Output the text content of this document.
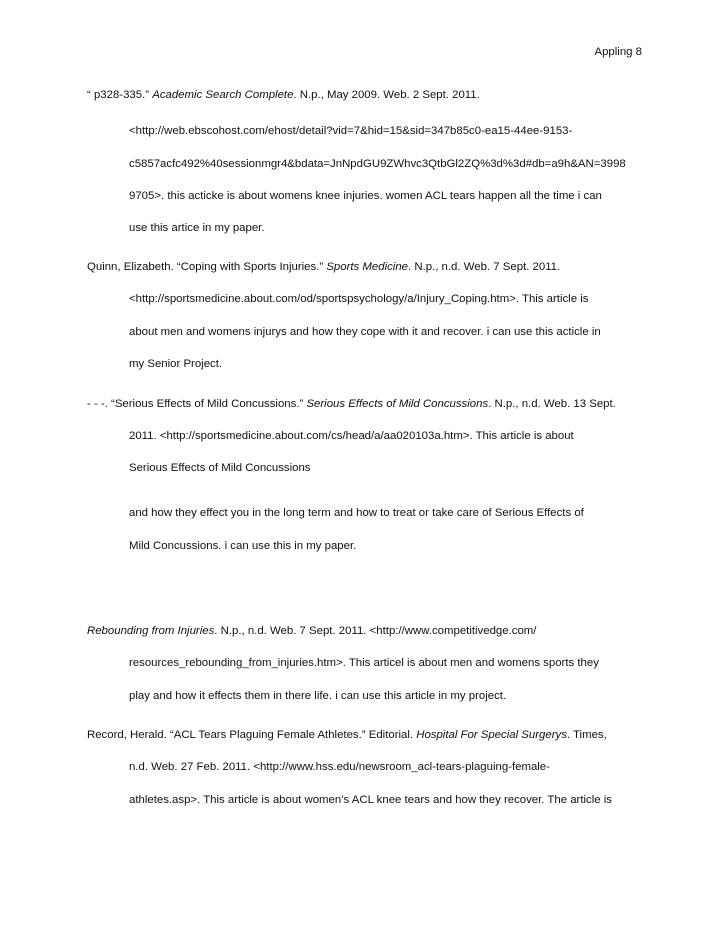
Appling 8
“ p328-335.” Academic Search Complete. N.p., May 2009. Web. 2 Sept. 2011.
<http://web.ebscohost.com/ehost/detail?vid=7&hid=15&sid=347b85c0-ea15-44ee-9153-
c5857acfc492%40sessionmgr4&bdata=JnNpdGU9ZWhvc3QtbGl2ZQ%3d%3d#db=a9h&AN=3998
9705>. this acticke is about womens knee injuries. women ACL tears happen all the time i can
use this artice in my paper.
Quinn, Elizabeth. “Coping with Sports Injuries.” Sports Medicine. N.p., n.d. Web. 7 Sept. 2011.
<http://sportsmedicine.about.com/od/sportspsychology/a/Injury_Coping.htm>. This article is
about men and womens injurys and how they cope with it and recover. i can use this acticle in
my Senior Project.
- - -. “Serious Effects of Mild Concussions.” Serious Effects of Mild Concussions. N.p., n.d. Web. 13 Sept.
2011. <http://sportsmedicine.about.com/cs/head/a/aa020103a.htm>. This article is about
Serious Effects of Mild Concussions
and how they effect you in the long term and how to treat or take care of Serious Effects of
Mild Concussions. i can use this in my paper.
Rebounding from Injuries. N.p., n.d. Web. 7 Sept. 2011. <http://www.competitivedge.com/
resources_rebounding_from_injuries.htm>. This articel is about men and womens sports they
play and how it effects them in there life. i can use this article in my project.
Record, Herald. “ACL Tears Plaguing Female Athletes.” Editorial. Hospital For Special Surgerys. Times,
n.d. Web. 27 Feb. 2011. <http://www.hss.edu/newsroom_acl-tears-plaguing-female-
athletes.asp>. This article is about women’s ACL knee tears and how they recover. The article is
